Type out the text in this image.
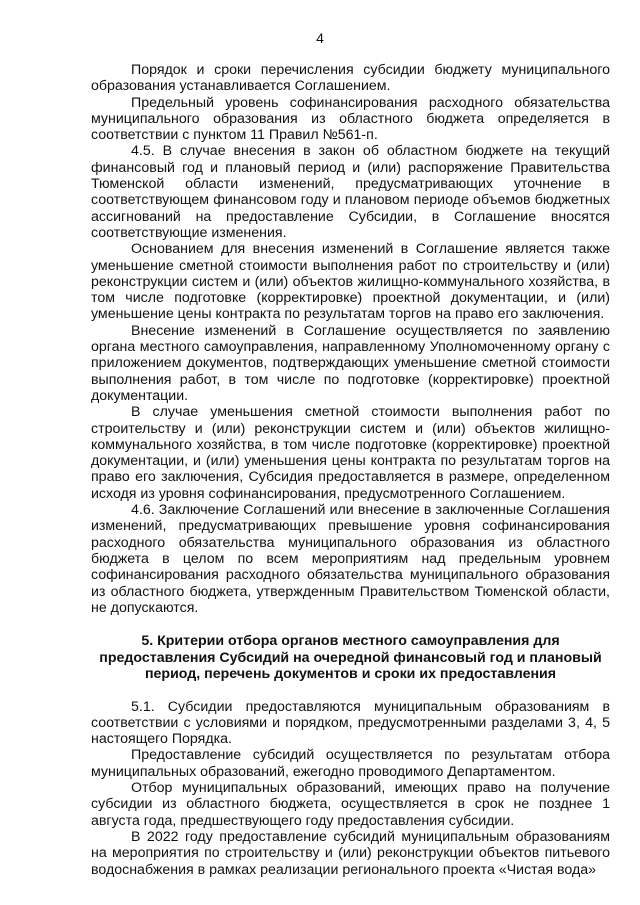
4

Порядок и сроки перечисления субсидии бюджету муниципального образования устанавливается Соглашением.

Предельный уровень софинансирования расходного обязательства муниципального образования из областного бюджета определяется в соответствии с пунктом 11 Правил №561-п.

4.5. В случае внесения в закон об областном бюджете на текущий финансовый год и плановый период и (или) распоряжение Правительства Тюменской области изменений, предусматривающих уточнение в соответствующем финансовом году и плановом периоде объемов бюджетных ассигнований на предоставление Субсидии, в Соглашение вносятся соответствующие изменения.

Основанием для внесения изменений в Соглашение является также уменьшение сметной стоимости выполнения работ по строительству и (или) реконструкции систем и (или) объектов жилищно-коммунального хозяйства, в том числе подготовке (корректировке) проектной документации, и (или) уменьшение цены контракта по результатам торгов на право его заключения.

Внесение изменений в Соглашение осуществляется по заявлению органа местного самоуправления, направленному Уполномоченному органу с приложением документов, подтверждающих уменьшение сметной стоимости выполнения работ, в том числе по подготовке (корректировке) проектной документации.

В случае уменьшения сметной стоимости выполнения работ по строительству и (или) реконструкции систем и (или) объектов жилищно-коммунального хозяйства, в том числе подготовке (корректировке) проектной документации, и (или) уменьшения цены контракта по результатам торгов на право его заключения, Субсидия предоставляется в размере, определенном исходя из уровня софинансирования, предусмотренного Соглашением.

4.6. Заключение Соглашений или внесение в заключенные Соглашения изменений, предусматривающих превышение уровня софинансирования расходного обязательства муниципального образования из областного бюджета в целом по всем мероприятиям над предельным уровнем софинансирования расходного обязательства муниципального образования из областного бюджета, утвержденным Правительством Тюменской области, не допускаются.

5. Критерии отбора органов местного самоуправления для предоставления Субсидий на очередной финансовый год и плановый период, перечень документов и сроки их предоставления

5.1. Субсидии предоставляются муниципальным образованиям в соответствии с условиями и порядком, предусмотренными разделами 3, 4, 5 настоящего Порядка.

Предоставление субсидий осуществляется по результатам отбора муниципальных образований, ежегодно проводимого Департаментом.

Отбор муниципальных образований, имеющих право на получение субсидии из областного бюджета, осуществляется в срок не позднее 1 августа года, предшествующего году предоставления субсидии.

В 2022 году предоставление субсидий муниципальным образованиям на мероприятия по строительству и (или) реконструкции объектов питьевого водоснабжения в рамках реализации регионального проекта «Чистая вода»
